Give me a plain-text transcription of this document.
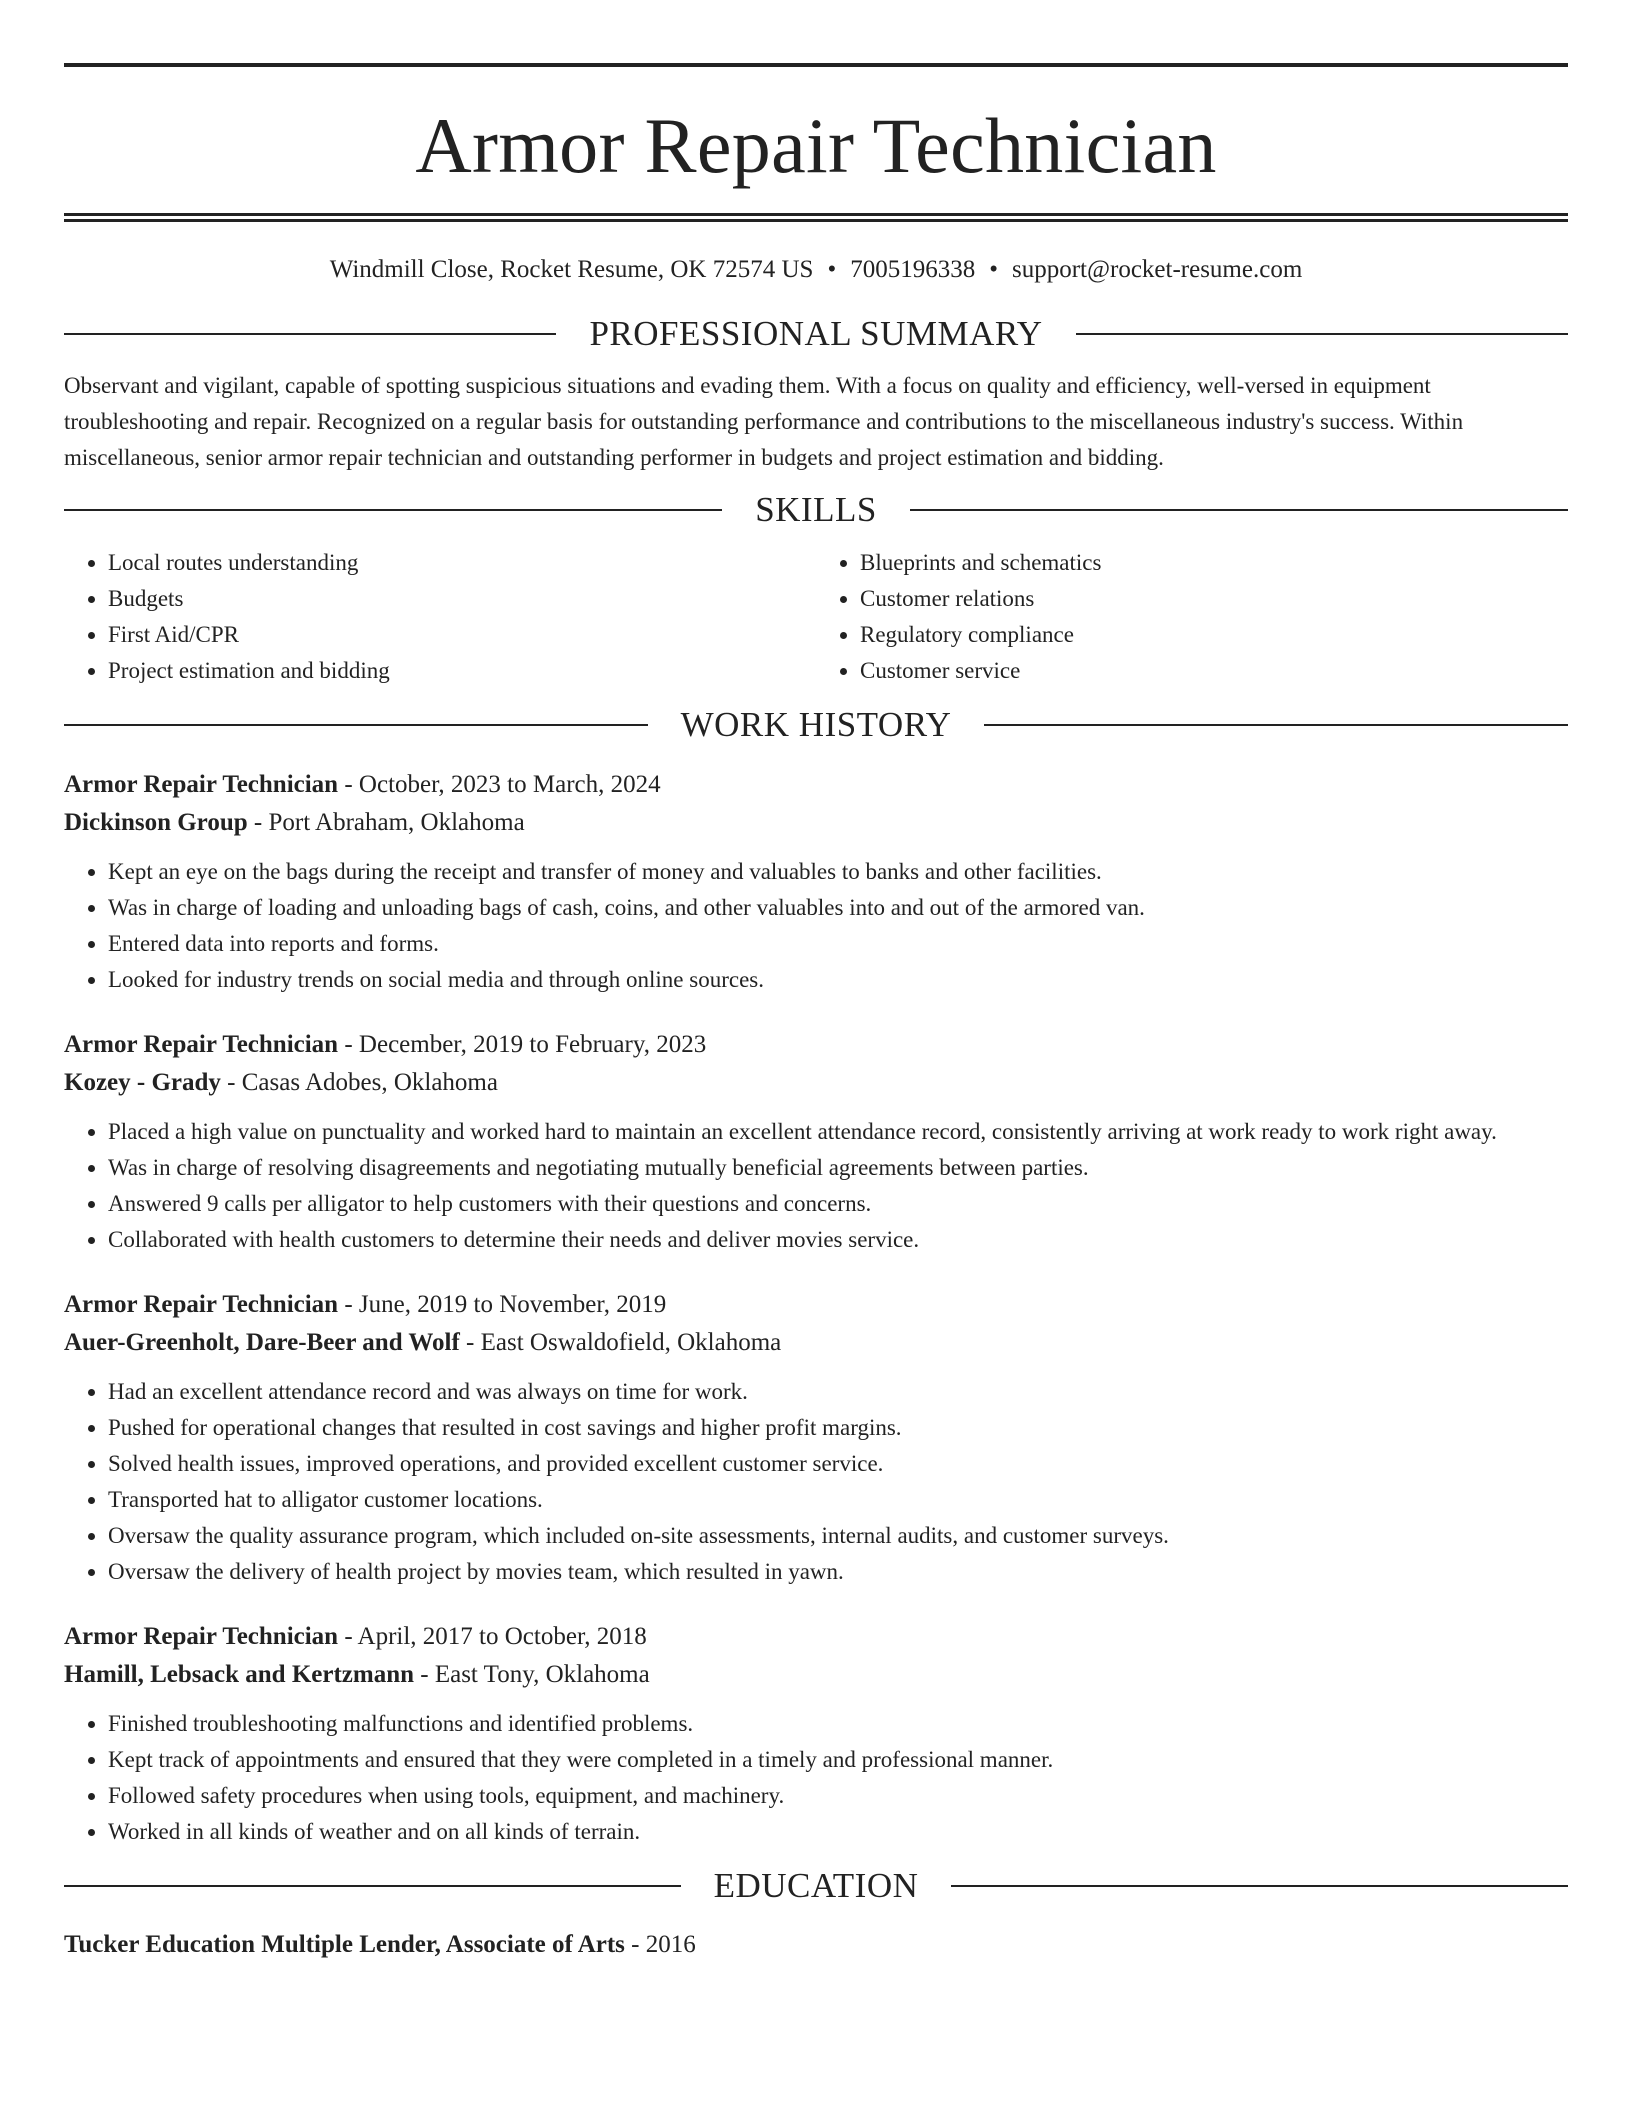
Armor Repair Technician
Windmill Close, Rocket Resume, OK 72574 US • 7005196338 • support@rocket-resume.com
PROFESSIONAL SUMMARY
Observant and vigilant, capable of spotting suspicious situations and evading them. With a focus on quality and efficiency, well-versed in equipment troubleshooting and repair. Recognized on a regular basis for outstanding performance and contributions to the miscellaneous industry's success. Within miscellaneous, senior armor repair technician and outstanding performer in budgets and project estimation and bidding.
SKILLS
• Local routes understanding
• Budgets
• First Aid/CPR
• Project estimation and bidding
• Blueprints and schematics
• Customer relations
• Regulatory compliance
• Customer service
WORK HISTORY
Armor Repair Technician - October, 2023 to March, 2024
Dickinson Group - Port Abraham, Oklahoma
• Kept an eye on the bags during the receipt and transfer of money and valuables to banks and other facilities.
• Was in charge of loading and unloading bags of cash, coins, and other valuables into and out of the armored van.
• Entered data into reports and forms.
• Looked for industry trends on social media and through online sources.
Armor Repair Technician - December, 2019 to February, 2023
Kozey - Grady - Casas Adobes, Oklahoma
• Placed a high value on punctuality and worked hard to maintain an excellent attendance record, consistently arriving at work ready to work right away.
• Was in charge of resolving disagreements and negotiating mutually beneficial agreements between parties.
• Answered 9 calls per alligator to help customers with their questions and concerns.
• Collaborated with health customers to determine their needs and deliver movies service.
Armor Repair Technician - June, 2019 to November, 2019
Auer-Greenholt, Dare-Beer and Wolf - East Oswaldofield, Oklahoma
• Had an excellent attendance record and was always on time for work.
• Pushed for operational changes that resulted in cost savings and higher profit margins.
• Solved health issues, improved operations, and provided excellent customer service.
• Transported hat to alligator customer locations.
• Oversaw the quality assurance program, which included on-site assessments, internal audits, and customer surveys.
• Oversaw the delivery of health project by movies team, which resulted in yawn.
Armor Repair Technician - April, 2017 to October, 2018
Hamill, Lebsack and Kertzmann - East Tony, Oklahoma
• Finished troubleshooting malfunctions and identified problems.
• Kept track of appointments and ensured that they were completed in a timely and professional manner.
• Followed safety procedures when using tools, equipment, and machinery.
• Worked in all kinds of weather and on all kinds of terrain.
EDUCATION
Tucker Education Multiple Lender, Associate of Arts - 2016
